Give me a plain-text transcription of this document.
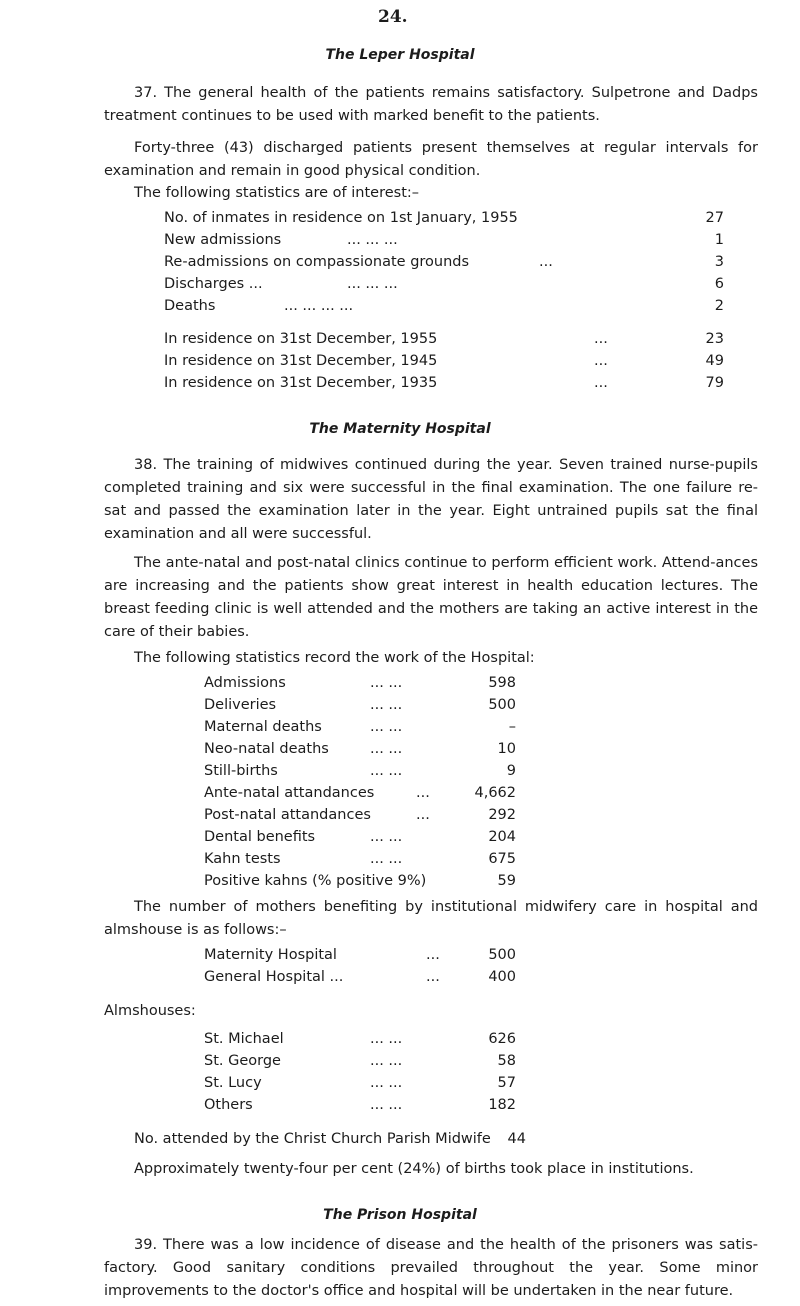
24.
The Leper Hospital
37. The general health of the patients remains satisfactory. Sulpetrone and Dadps treatment continues to be used with marked benefit to the patients.
Forty-three (43) discharged patients present themselves at regular intervals for examination and remain in good physical condition.
The following statistics are of interest:–
No. of inmates in residence on 1st January, 1955	27
New admissions	... ... ...	1
Re-admissions on compassionate grounds	...	3
Discharges ...	... ... ...	6
Deaths	... ... ... ...	2
In residence on 31st December, 1955	...	23
In residence on 31st December, 1945	...	49
In residence on 31st December, 1935	...	79
The Maternity Hospital
38. The training of midwives continued during the year. Seven trained nurse-pupils completed training and six were successful in the final examination. The one failure re-sat and passed the examination later in the year. Eight untrained pupils sat the final examination and all were successful.
The ante-natal and post-natal clinics continue to perform efficient work. Attend-ances are increasing and the patients show great interest in health education lectures. The breast feeding clinic is well attended and the mothers are taking an active interest in the care of their babies.
The following statistics record the work of the Hospital:
Admissions	... ...	598
Deliveries	... ...	500
Maternal deaths	... ...	–
Neo-natal deaths	... ...	10
Still-births	... ...	9
Ante-natal attandances	...	4,662
Post-natal attandances	...	292
Dental benefits	... ...	204
Kahn tests	... ...	675
Positive kahns (% positive 9%)	59
The number of mothers benefiting by institutional midwifery care in hospital and almshouse is as follows:–
Maternity Hospital	...	500
General Hospital ...	...	400
Almshouses:
St. Michael	... ...	626
St. George	... ...	58
St. Lucy	... ...	57
Others	... ...	182
No. attended by the Christ Church Parish Midwife 44
Approximately twenty-four per cent (24%) of births took place in institutions.
The Prison Hospital
39. There was a low incidence of disease and the health of the prisoners was satis-factory. Good sanitary conditions prevailed throughout the year. Some minor improvements to the doctor's office and hospital will be undertaken in the near future.
